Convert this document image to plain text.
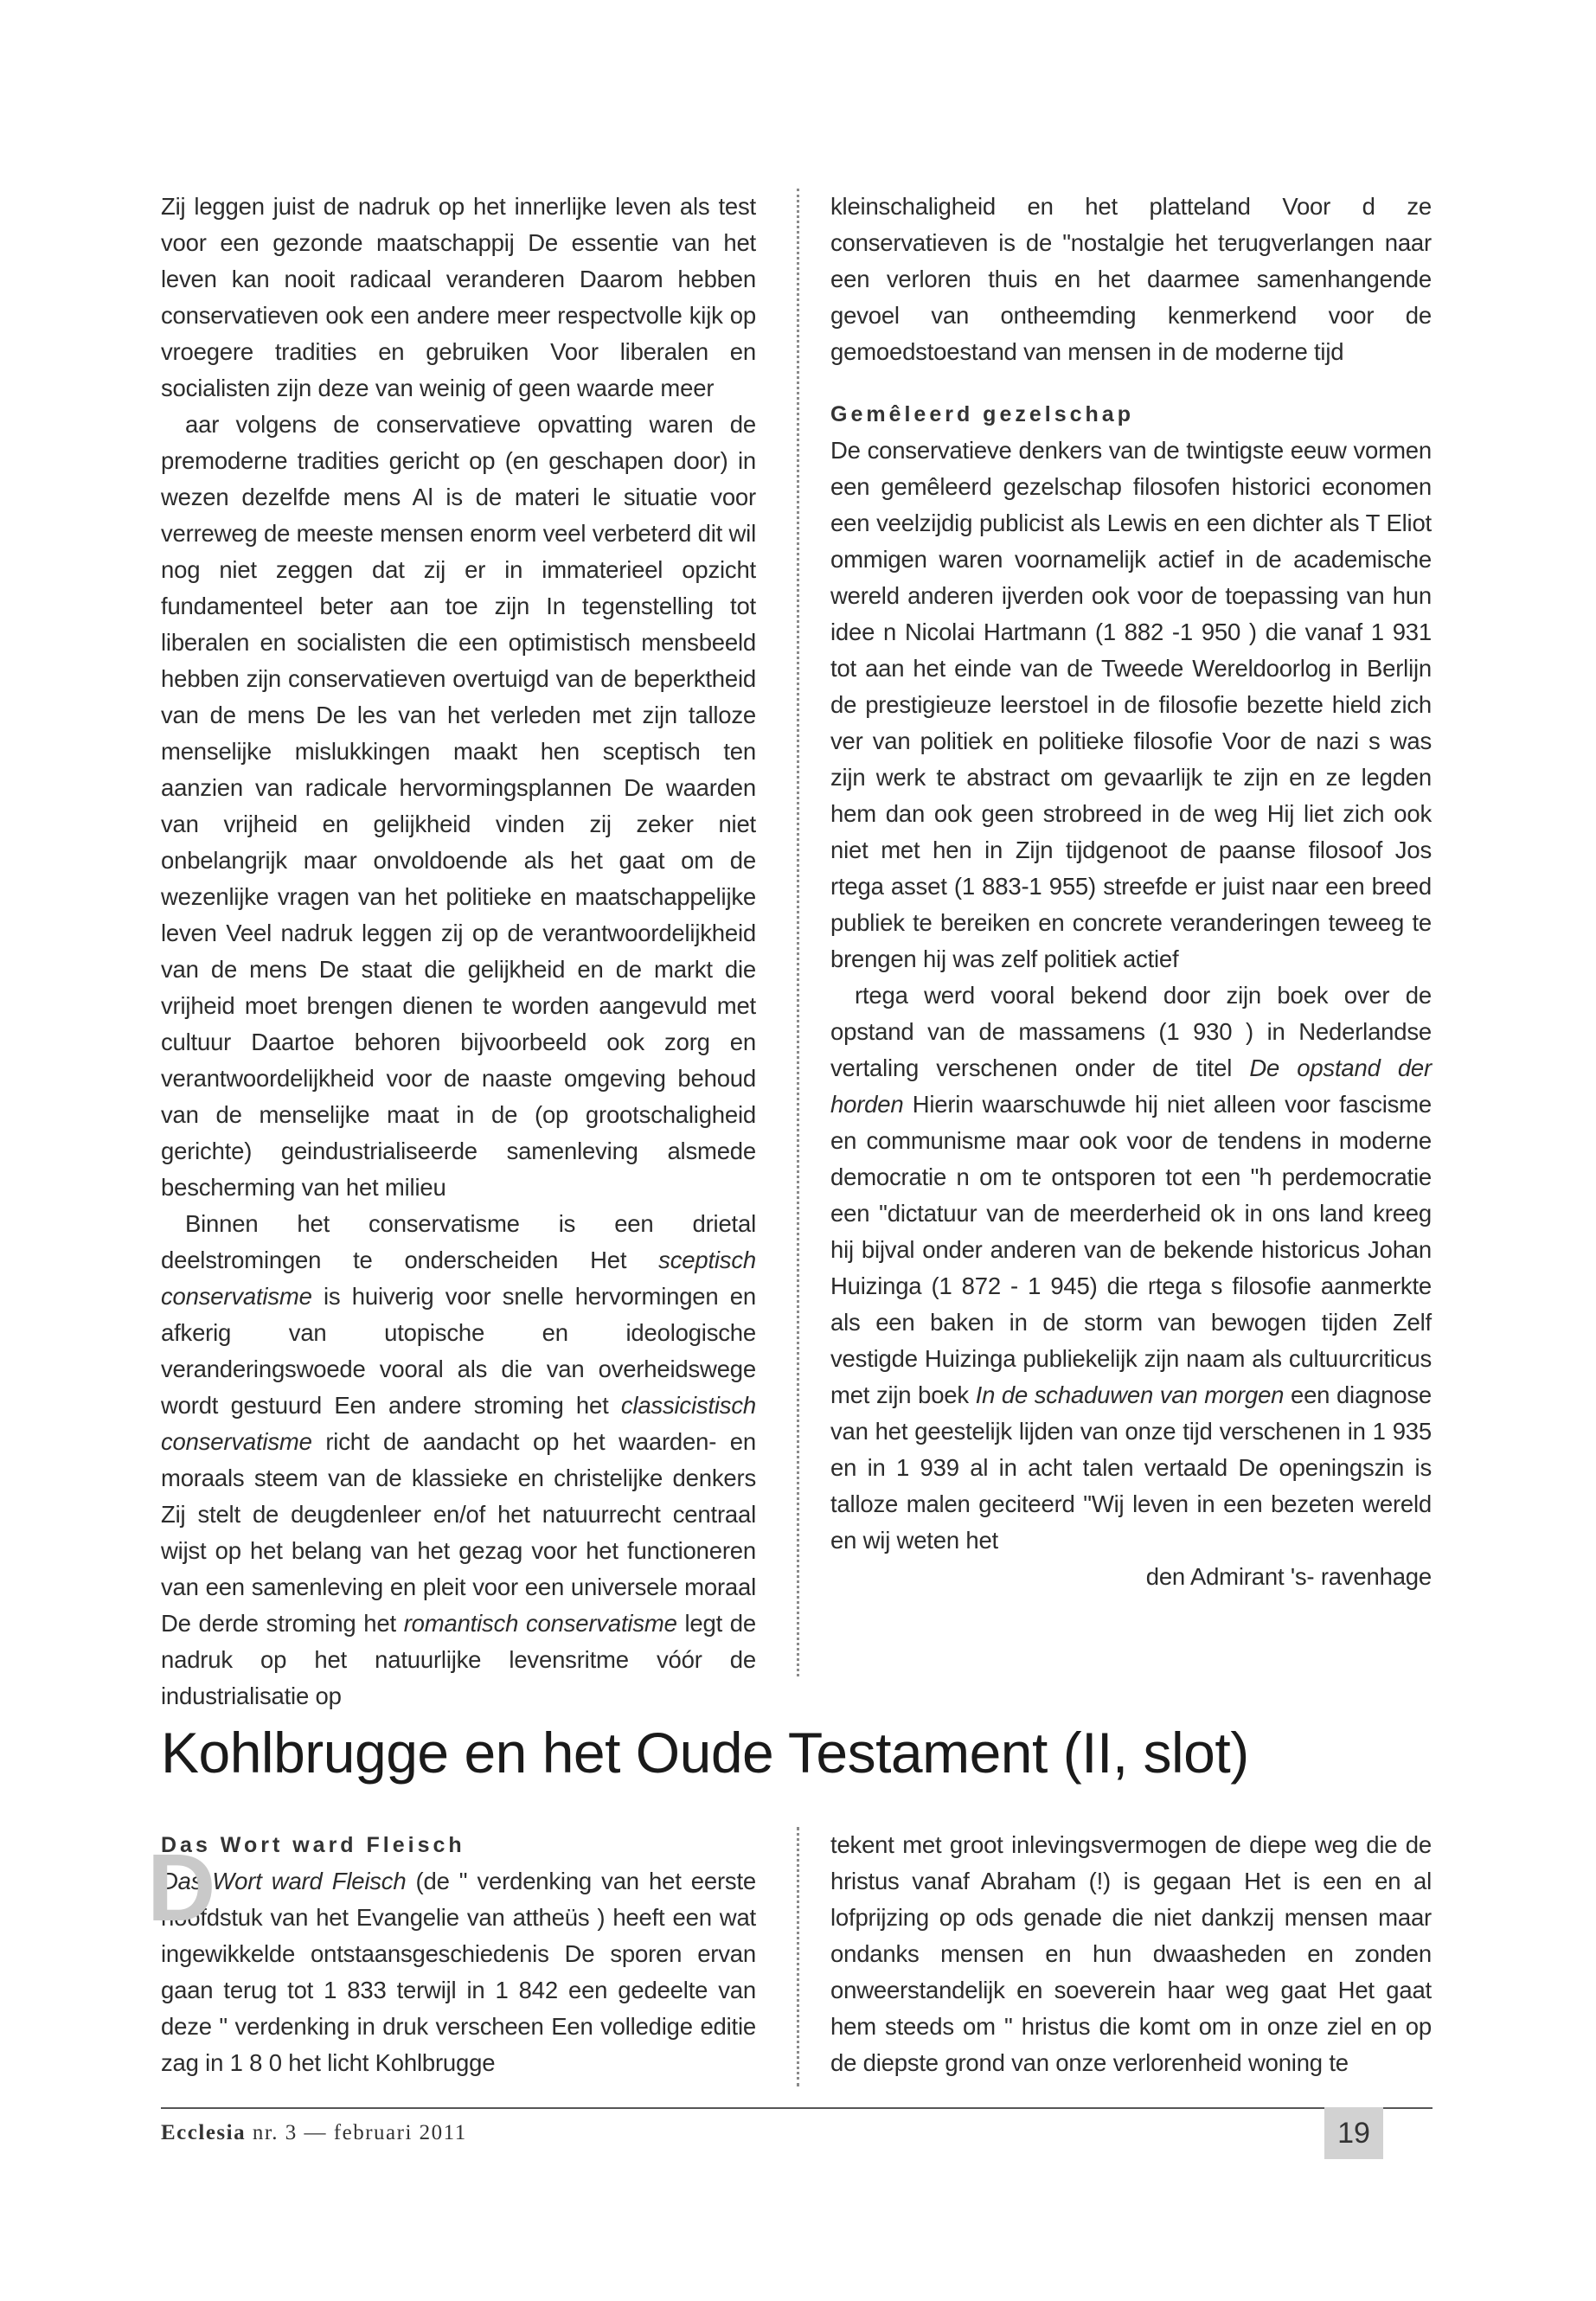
Zij leggen juist de nadruk op het innerlijke leven als test voor een gezonde maatschappij De essentie van het leven kan nooit radicaal veranderen Daarom hebben conservatieven ook een andere meer respectvolle kijk op vroegere tradities en gebruiken Voor liberalen en socialisten zijn deze van weinig of geen waarde meer

aar volgens de conservatieve opvatting waren de premoderne tradities gericht op (en geschapen door) in wezen dezelfde mens Al is de materi le situatie voor verreweg de meeste mensen enorm veel verbeterd dit wil nog niet zeggen dat zij er in immaterieel opzicht fundamenteel beter aan toe zijn In tegenstelling tot liberalen en socialisten die een optimistisch mensbeeld hebben zijn conservatieven overtuigd van de beperktheid van de mens De les van het verleden met zijn talloze menselijke mislukkingen maakt hen sceptisch ten aanzien van radicale hervormingsplannen De waarden van vrijheid en gelijkheid vinden zij zeker niet onbelangrijk maar onvoldoende als het gaat om de wezenlijke vragen van het politieke en maatschappelijke leven Veel nadruk leggen zij op de verantwoordelijkheid van de mens De staat die gelijkheid en de markt die vrijheid moet brengen dienen te worden aangevuld met cultuur Daartoe behoren bijvoorbeeld ook zorg en verantwoordelijkheid voor de naaste omgeving behoud van de menselijke maat in de (op grootschaligheid gerichte) geindustrialiseerde samenleving alsmede bescherming van het milieu

Binnen het conservatisme is een drietal deelstromingen te onderscheiden Het sceptisch conservatisme is huiverig voor snelle hervormingen en afkerig van utopische en ideologische veranderingswoede vooral als die van overheidswege wordt gestuurd Een andere stroming het classicistisch conservatisme richt de aandacht op het waarden- en moraals steem van de klassieke en christelijke denkers Zij stelt de deugdenleer en/of het natuurrecht centraal wijst op het belang van het gezag voor het functioneren van een samenleving en pleit voor een universele moraal De derde stroming het romantisch conservatisme legt de nadruk op het natuurlijke levensritme vóór de industrialisatie op

kleinschaligheid en het platteland Voor d ze conservatieven is de "nostalgie het terugverlangen naar een verloren thuis en het daarmee samenhangende gevoel van ontheemding kenmerkend voor de gemoedstoestand van mensen in de moderne tijd

Gemêleerd gezelschap

De conservatieve denkers van de twintigste eeuw vormen een gemêleerd gezelschap filosofen historici economen een veelzijdig publicist als Lewis en een dichter als T Eliot ommigen waren voornamelijk actief in de academische wereld anderen ijverden ook voor de toepassing van hun idee n Nicolai Hartmann (1 882 -1 950 ) die vanaf 1 931 tot aan het einde van de Tweede Wereldoorlog in Berlijn de prestigieuze leerstoel in de filosofie bezette hield zich ver van politiek en politieke filosofie Voor de nazi s was zijn werk te abstract om gevaarlijk te zijn en ze legden hem dan ook geen strobreed in de weg Hij liet zich ook niet met hen in Zijn tijdgenoot de paanse filosoof Jos rtega asset (1 883-1 955) streefde er juist naar een breed publiek te bereiken en concrete veranderingen teweeg te brengen hij was zelf politiek actief

rtega werd vooral bekend door zijn boek over de opstand van de massamens (1 930 ) in Nederlandse vertaling verschenen onder de titel De opstand der horden Hierin waarschuwde hij niet alleen voor fascisme en communisme maar ook voor de tendens in moderne democratie n om te ontsporen tot een "h perdemocratie een "dictatuur van de meerderheid ok in ons land kreeg hij bijval onder anderen van de bekende historicus Johan Huizinga (1 872 - 1 945) die rtega s filosofie aanmerkte als een baken in de storm van bewogen tijden Zelf vestigde Huizinga publiekelijk zijn naam als cultuurcriticus met zijn boek In de schaduwen van morgen een diagnose van het geestelijk lijden van onze tijd verschenen in 1 935 en in 1 939 al in acht talen vertaald De openingszin is talloze malen geciteerd "Wij leven in een bezeten wereld en wij weten het

den Admirant 's- ravenhage

Kohlbrugge en het Oude Testament (II, slot)

Das Wort ward Fleisch

Das Wort ward Fleisch (de " verdenking van het eerste hoofdstuk van het Evangelie van attheüs ) heeft een wat ingewikkelde ontstaansgeschiedenis De sporen ervan gaan terug tot 1 833 terwijl in 1 842 een gedeelte van deze " verdenking in druk verscheen Een volledige editie zag in 1 8 0 het licht Kohlbrugge

D	tekent met groot inlevingsvermogen de diepe weg die de hristus vanaf Abraham (!) is gegaan Het is een en al lofprijzing op ods genade die niet dankzij mensen maar ondanks mensen en hun dwaasheden en zonden onweerstandelijk en soeverein haar weg gaat Het gaat hem steeds om " hristus die komt om in onze ziel en op de diepste grond van onze verlorenheid woning te

Ecclesia nr. 3 — februari 2011	19
